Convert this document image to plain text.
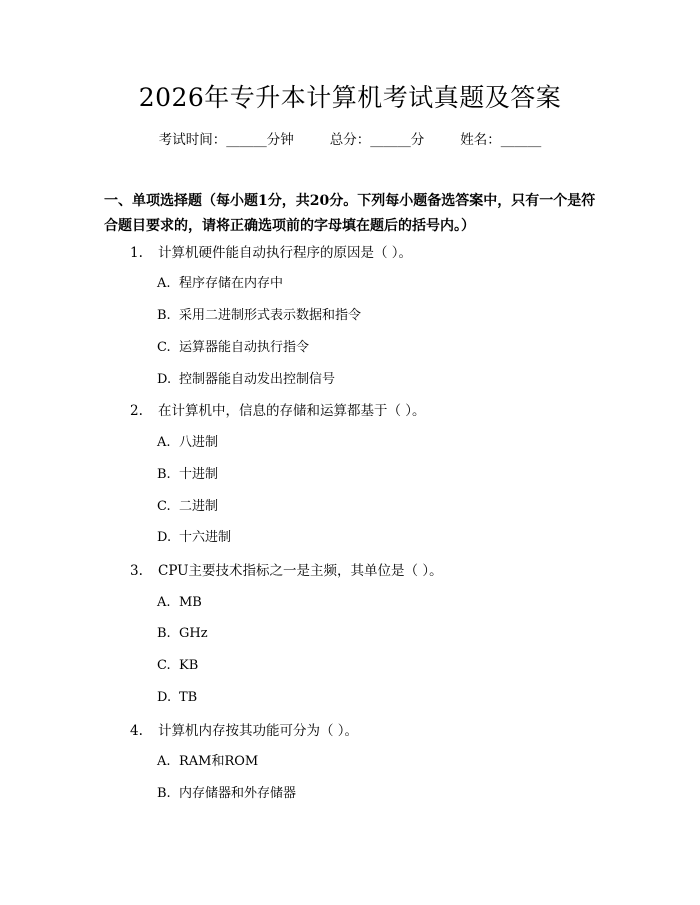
2026年专升本计算机考试真题及答案
考试时间：______分钟	总分：______分	姓名：______
一、单项选择题（每小题1分，共20分。下列每小题备选答案中，只有一个是符
合题目要求的，请将正确选项前的字母填在题后的括号内。）
1. 计算机硬件能自动执行程序的原因是（ ）。
A. 程序存储在内存中
B. 采用二进制形式表示数据和指令
C. 运算器能自动执行指令
D. 控制器能自动发出控制信号
2. 在计算机中，信息的存储和运算都基于（ ）。
A. 八进制
B. 十进制
C. 二进制
D. 十六进制
3. CPU主要技术指标之一是主频，其单位是（ ）。
A. MB
B. GHz
C. KB
D. TB
4. 计算机内存按其功能可分为（ ）。
A. RAM和ROM
B. 内存储器和外存储器
